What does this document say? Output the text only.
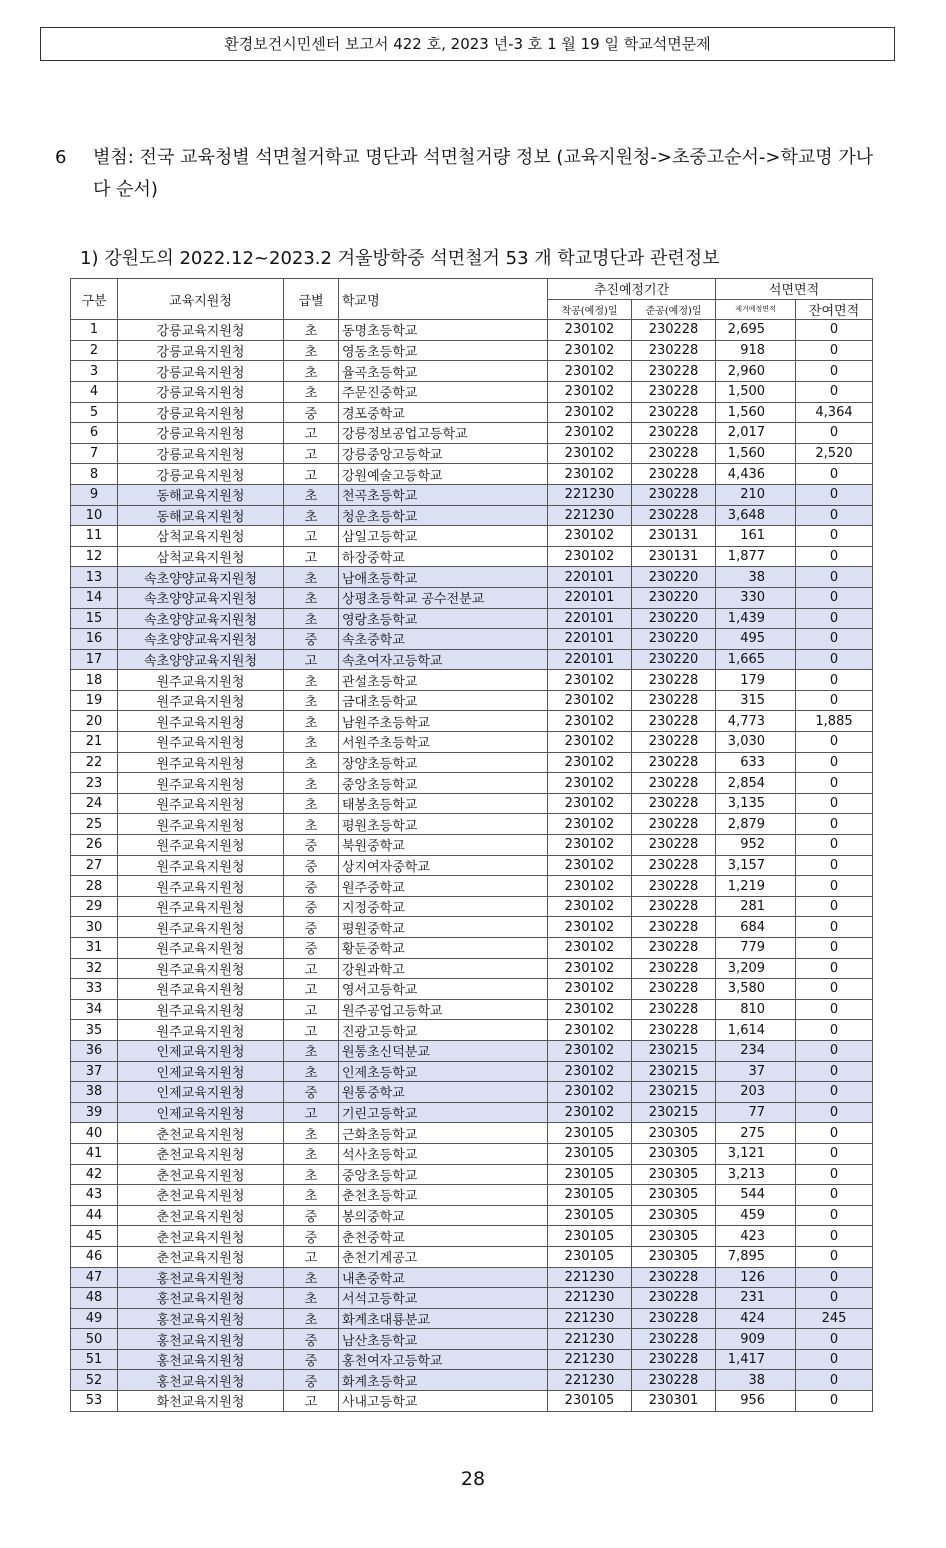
환경보건시민센터 보고서 422 호, 2023 년-3 호 1 월 19 일 학교석면문제
6 별첨: 전국 교육청별 석면철거학교 명단과 석면철거량 정보 (교육지원청->초중고순서->학교명 가나다 순서)
1) 강원도의 2022.12~2023.2 겨울방학중 석면철거 53 개 학교명단과 관련정보
구분	교육지원청	급별	학교명	추진예정기간		석면면적	
				착공(예정)일	준공(예정)일	제거예정면적	잔여면적
1	강릉교육지원청	초	동명초등학교	230102	230228	2,695	0
2	강릉교육지원청	초	영동초등학교	230102	230228	918	0
3	강릉교육지원청	초	율곡초등학교	230102	230228	2,960	0
4	강릉교육지원청	초	주문진중학교	230102	230228	1,500	0
5	강릉교육지원청	중	경포중학교	230102	230228	1,560	4,364
6	강릉교육지원청	고	강릉정보공업고등학교	230102	230228	2,017	0
7	강릉교육지원청	고	강릉중앙고등학교	230102	230228	1,560	2,520
8	강릉교육지원청	고	강원예술고등학교	230102	230228	4,436	0
9	동해교육지원청	초	천곡초등학교	221230	230228	210	0
10	동해교육지원청	초	청운초등학교	221230	230228	3,648	0
11	삼척교육지원청	고	삼일고등학교	230102	230131	161	0
12	삼척교육지원청	고	하장중학교	230102	230131	1,877	0
13	속초양양교육지원청	초	남애초등학교	220101	230220	38	0
14	속초양양교육지원청	초	상평초등학교 공수전분교	220101	230220	330	0
15	속초양양교육지원청	초	영랑초등학교	220101	230220	1,439	0
16	속초양양교육지원청	중	속초중학교	220101	230220	495	0
17	속초양양교육지원청	고	속초여자고등학교	220101	230220	1,665	0
18	원주교육지원청	초	관설초등학교	230102	230228	179	0
19	원주교육지원청	초	금대초등학교	230102	230228	315	0
20	원주교육지원청	초	남원주초등학교	230102	230228	4,773	1,885
21	원주교육지원청	초	서원주초등학교	230102	230228	3,030	0
22	원주교육지원청	초	장양초등학교	230102	230228	633	0
23	원주교육지원청	초	중앙초등학교	230102	230228	2,854	0
24	원주교육지원청	초	태봉초등학교	230102	230228	3,135	0
25	원주교육지원청	초	평원초등학교	230102	230228	2,879	0
26	원주교육지원청	중	북원중학교	230102	230228	952	0
27	원주교육지원청	중	상지여자중학교	230102	230228	3,157	0
28	원주교육지원청	중	원주중학교	230102	230228	1,219	0
29	원주교육지원청	중	지정중학교	230102	230228	281	0
30	원주교육지원청	중	평원중학교	230102	230228	684	0
31	원주교육지원청	중	황둔중학교	230102	230228	779	0
32	원주교육지원청	고	강원과학고	230102	230228	3,209	0
33	원주교육지원청	고	영서고등학교	230102	230228	3,580	0
34	원주교육지원청	고	원주공업고등학교	230102	230228	810	0
35	원주교육지원청	고	진광고등학교	230102	230228	1,614	0
36	인제교육지원청	초	원통초신덕분교	230102	230215	234	0
37	인제교육지원청	초	인제초등학교	230102	230215	37	0
38	인제교육지원청	중	원통중학교	230102	230215	203	0
39	인제교육지원청	고	기린고등학교	230102	230215	77	0
40	춘천교육지원청	초	근화초등학교	230105	230305	275	0
41	춘천교육지원청	초	석사초등학교	230105	230305	3,121	0
42	춘천교육지원청	초	중앙초등학교	230105	230305	3,213	0
43	춘천교육지원청	초	춘천초등학교	230105	230305	544	0
44	춘천교육지원청	중	봉의중학교	230105	230305	459	0
45	춘천교육지원청	중	춘천중학교	230105	230305	423	0
46	춘천교육지원청	고	춘천기계공고	230105	230305	7,895	0
47	홍천교육지원청	초	내촌중학교	221230	230228	126	0
48	홍천교육지원청	초	서석고등학교	221230	230228	231	0
49	홍천교육지원청	초	화계초대룡분교	221230	230228	424	245
50	홍천교육지원청	중	남산초등학교	221230	230228	909	0
51	홍천교육지원청	중	홍천여자고등학교	221230	230228	1,417	0
52	홍천교육지원청	중	화계초등학교	221230	230228	38	0
53	화천교육지원청	고	사내고등학교	230105	230301	956	0
28
